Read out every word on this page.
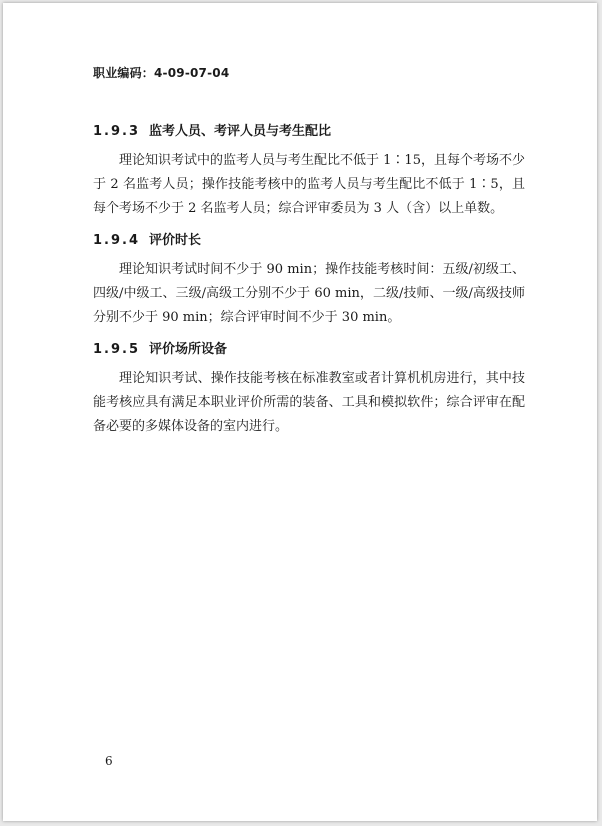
职业编码：4-09-07-04
1.9.3 监考人员、考评人员与考生配比

理论知识考试中的监考人员与考生配比不低于 1∶15，且每个考场不少于 2 名监考人员；操作技能考核中的监考人员与考生配比不低于 1∶5，且每个考场不少于 2 名监考人员；综合评审委员为 3 人（含）以上单数。

1.9.4 评价时长

理论知识考试时间不少于 90 min；操作技能考核时间：五级/初级工、四级/中级工、三级/高级工分别不少于 60 min，二级/技师、一级/高级技师分别不少于 90 min；综合评审时间不少于 30 min。

1.9.5 评价场所设备

理论知识考试、操作技能考核在标准教室或者计算机机房进行，其中技能考核应具有满足本职业评价所需的装备、工具和模拟软件；综合评审在配备必要的多媒体设备的室内进行。

6
